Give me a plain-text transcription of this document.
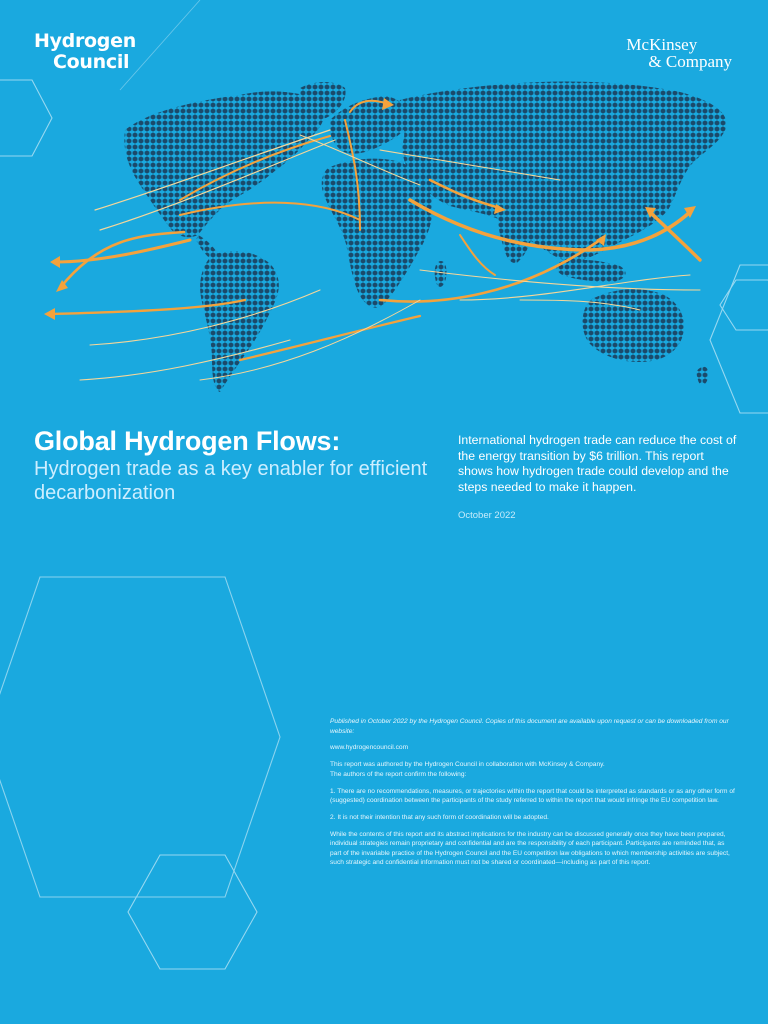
Hydrogen
Council
McKinsey
& Company
Global Hydrogen Flows:
Hydrogen trade as a key enabler for efficient decarbonization

International hydrogen trade can reduce the cost of the energy transition by $6 trillion. This report shows how hydrogen trade could develop and the steps needed to make it happen.

October 2022

Published in October 2022 by the Hydrogen Council. Copies of this document are available upon request or can be downloaded from our website:

www.hydrogencouncil.com

This report was authored by the Hydrogen Council in collaboration with McKinsey & Company.
The authors of the report confirm the following:

1. There are no recommendations, measures, or trajectories within the report that could be interpreted as standards or as any other form of (suggested) coordination between the participants of the study referred to within the report that would infringe the EU competition law.

2. It is not their intention that any such form of coordination will be adopted.

While the contents of this report and its abstract implications for the industry can be discussed generally once they have been prepared, individual strategies remain proprietary and confidential and are the responsibility of each participant. Participants are reminded that, as part of the invariable practice of the Hydrogen Council and the EU competition law obligations to which membership activities are subject, such strategic and confidential information must not be shared or coordinated—including as part of this report.
